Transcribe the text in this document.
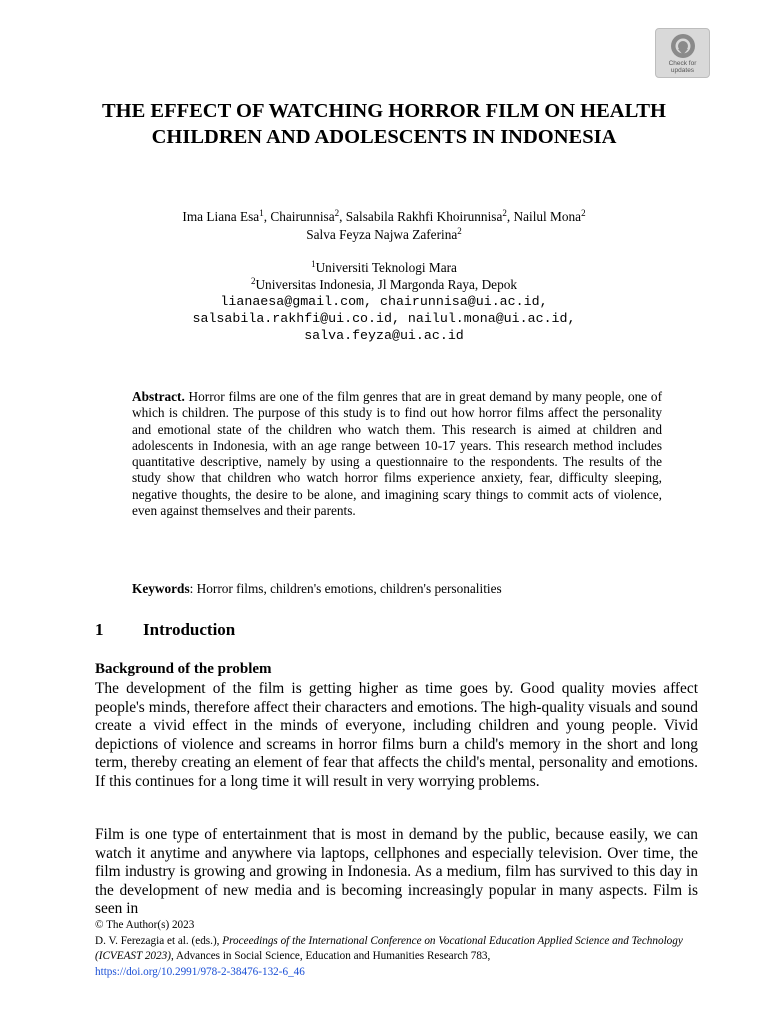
Check for
updates
THE EFFECT OF WATCHING HORROR FILM ON HEALTH CHILDREN AND ADOLESCENTS IN INDONESIA
Ima Liana Esa$^1$, Chairunnisa$^2$, Salsabila Rakhfi Khoirunnisa$^2$, Nailul Mona$^2$
Salva Feyza Najwa Zaferina$^2$
$^1$Universiti Teknologi Mara
$^2$Universitas Indonesia, Jl Margonda Raya, Depok
lianaesa@gmail.com, chairunnisa@ui.ac.id,
salsabila.rakhfi@ui.co.id, nailul.mona@ui.ac.id,
salva.feyza@ui.ac.id
Abstract. Horror films are one of the film genres that are in great demand by many people, one of which is children. The purpose of this study is to find out how horror films affect the personality and emotional state of the children who watch them. This research is aimed at children and adolescents in Indonesia, with an age range between 10-17 years. This research method includes quantitative descriptive, namely by using a questionnaire to the respondents. The results of the study show that children who watch horror films experience anxiety, fear, difficulty sleeping, negative thoughts, the desire to be alone, and imagining scary things to commit acts of violence, even against themselves and their parents.
Keywords: Horror films, children's emotions, children's personalities
1 Introduction
Background of the problem
The development of the film is getting higher as time goes by. Good quality movies affect people's minds, therefore affect their characters and emotions. The high-quality visuals and sound create a vivid effect in the minds of everyone, including children and young people. Vivid depictions of violence and screams in horror films burn a child's memory in the short and long term, thereby creating an element of fear that affects the child's mental, personality and emotions. If this continues for a long time it will result in very worrying problems.
Film is one type of entertainment that is most in demand by the public, because easily, we can watch it anytime and anywhere via laptops, cellphones and especially television. Over time, the film industry is growing and growing in Indonesia. As a medium, film has survived to this day in the development of new media and is becoming increasingly popular in many aspects. Film is seen in
© The Author(s) 2023
D. V. Ferezagia et al. (eds.), Proceedings of the International Conference on Vocational Education Applied Science and Technology (ICVEAST 2023), Advances in Social Science, Education and Humanities Research 783,
https://doi.org/10.2991/978-2-38476-132-6_46
